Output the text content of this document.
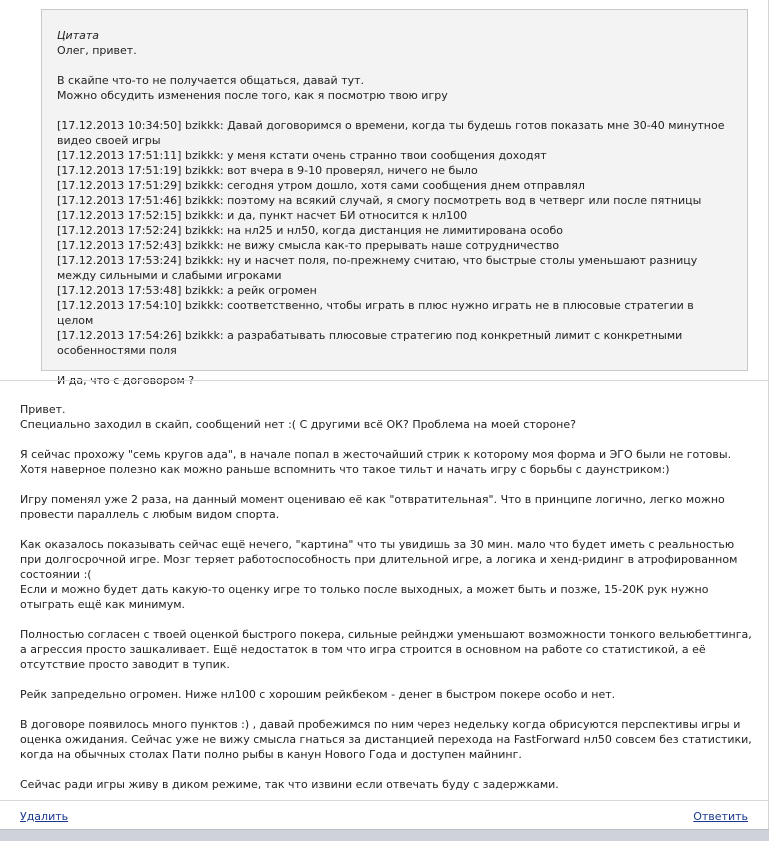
Цитата
Олег, привет.
В скайпе что-то не получается общаться, давай тут.
Можно обсудить изменения после того, как я посмотрю твою игру
[17.12.2013 10:34:50] bzikkk: Давай договоримся о времени, когда ты будешь готов показать мне 30-40 минутное видео своей игры
[17.12.2013 17:51:11] bzikkk: у меня кстати очень странно твои сообщения доходят
[17.12.2013 17:51:19] bzikkk: вот вчера в 9-10 проверял, ничего не было
[17.12.2013 17:51:29] bzikkk: сегодня утром дошло, хотя сами сообщения днем отправлял
[17.12.2013 17:51:46] bzikkk: поэтому на всякий случай, я смогу посмотреть вод в четверг или после пятницы
[17.12.2013 17:52:15] bzikkk: и да, пункт насчет БИ относится к нл100
[17.12.2013 17:52:24] bzikkk: на нл25 и нл50, когда дистанция не лимитирована особо
[17.12.2013 17:52:43] bzikkk: не вижу смысла как-то прерывать наше сотрудничество
[17.12.2013 17:53:24] bzikkk: ну и насчет поля, по-прежнему считаю, что быстрые столы уменьшают разницу между сильными и слабыми игроками
[17.12.2013 17:53:48] bzikkk: а рейк огромен
[17.12.2013 17:54:10] bzikkk: соответственно, чтобы играть в плюс нужно играть не в плюсовые стратегии в целом
[17.12.2013 17:54:26] bzikkk: а разрабатывать плюсовые стратегию под конкретный лимит с конкретными особенностями поля
И да, что с договором ?

Привет.
Специально заходил в скайп, сообщений нет :( С другими всё ОК? Проблема на моей стороне?

Я сейчас прохожу "семь кругов ада", в начале попал в жесточайший стрик к которому моя форма и ЭГО были не готовы. Хотя наверное полезно как можно раньше вспомнить что такое тильт и начать игру с борьбы с даунстриком:)

Игру поменял уже 2 раза, на данный момент оцениваю её как "отвратительная". Что в принципе логично, легко можно провести параллель с любым видом спорта.

Как оказалось показывать сейчас ещё нечего, "картина" что ты увидишь за 30 мин. мало что будет иметь с реальностью при долгосрочной игре. Мозг теряет работоспособность при длительной игре, а логика и хенд-ридинг в атрофированном состоянии :(
Если и можно будет дать какую-то оценку игре то только после выходных, а может быть и позже, 15-20К рук нужно отыграть ещё как минимум.

Полностью согласен с твоей оценкой быстрого покера, сильные рейнджи уменьшают возможности тонкого вельюбеттинга, а агрессия просто зашкаливает. Ещё недостаток в том что игра строится в основном на работе со статистикой, а её отсутствие просто заводит в тупик.

Рейк запредельно огромен. Ниже нл100 с хорошим рейкбеком - денег в быстром покере особо и нет.

В договоре появилось много пунктов :) , давай пробежимся по ним через недельку когда обрисуются перспективы игры и оценка ожидания. Сейчас уже не вижу смысла гнаться за дистанцией перехода на FastForward нл50 совсем без статистики, когда на обычных столах Пати полно рыбы в канун Нового Года и доступен майнинг.

Сейчас ради игры живу в диком режиме, так что извини если отвечать буду с задержками.

Удалить	Ответить
